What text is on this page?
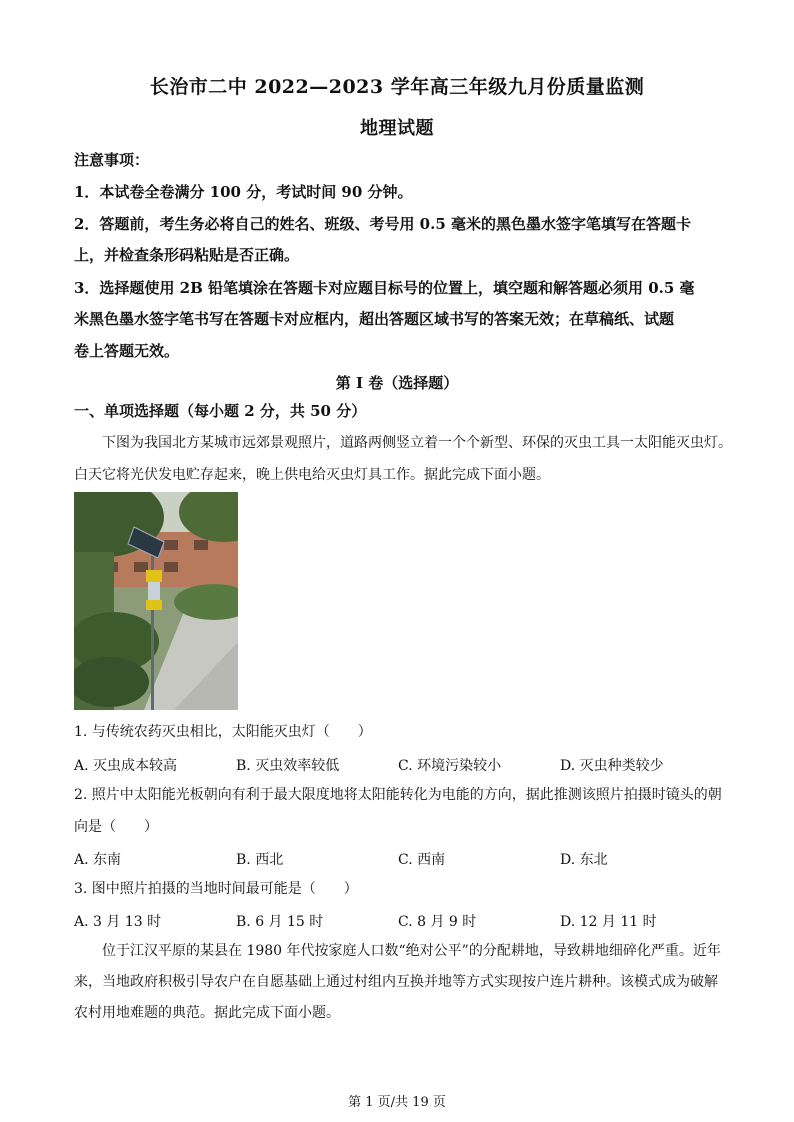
长治市二中 2022—2023 学年高三年级九月份质量监测
地理试题
注意事项：
1．本试卷全卷满分 100 分，考试时间 90 分钟。
2．答题前，考生务必将自己的姓名、班级、考号用 0.5 毫米的黑色墨水签字笔填写在答题卡
上，并检查条形码粘贴是否正确。
3．选择题使用 2B 铅笔填涂在答题卡对应题目标号的位置上，填空题和解答题必须用 0.5 毫
米黑色墨水签字笔书写在答题卡对应框内，超出答题区域书写的答案无效；在草稿纸、试题
卷上答题无效。
第 I 卷（选择题）
一、单项选择题（每小题 2 分，共 50 分）
下图为我国北方某城市远郊景观照片，道路两侧竖立着一个个新型、环保的灭虫工具一太阳能灭虫灯。
白天它将光伏发电贮存起来，晚上供电给灭虫灯具工作。据此完成下面小题。
1. 与传统农药灭虫相比，太阳能灭虫灯（　　）
A. 灭虫成本较高	B. 灭虫效率较低	C. 环境污染较小	D. 灭虫种类较少
2. 照片中太阳能光板朝向有利于最大限度地将太阳能转化为电能的方向，据此推测该照片拍摄时镜头的朝
向是（　　）
A. 东南	B. 西北	C. 西南	D. 东北
3. 图中照片拍摄的当地时间最可能是（　　）
A. 3 月 13 时	B. 6 月 15 时	C. 8 月 9 时	D. 12 月 11 时
位于江汉平原的某县在 1980 年代按家庭人口数“绝对公平”的分配耕地，导致耕地细碎化严重。近年
来，当地政府积极引导农户在自愿基础上通过村组内互换并地等方式实现按户连片耕种。该模式成为破解
农村用地难题的典范。据此完成下面小题。
第 1 页/共 19 页
